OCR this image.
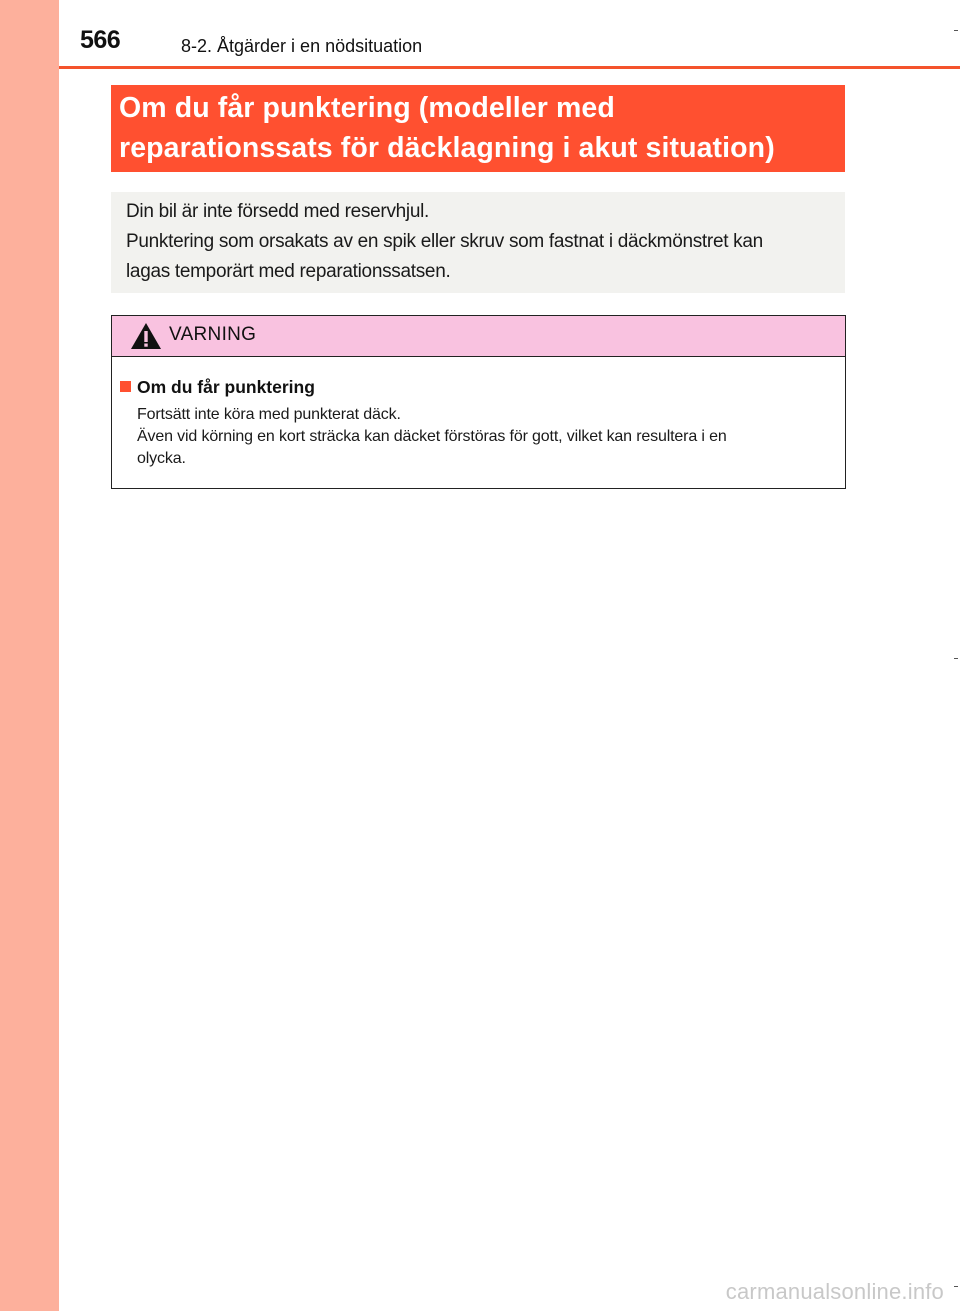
566	8-2. Åtgärder i en nödsituation
Om du får punktering (modeller med
reparationssats för däcklagning i akut situation)
Din bil är inte försedd med reservhjul.
Punktering som orsakats av en spik eller skruv som fastnat i däckmönstret kan
lagas temporärt med reparationssatsen.
VARNING
Om du får punktering
Fortsätt inte köra med punkterat däck.
Även vid körning en kort sträcka kan däcket förstöras för gott, vilket kan resultera i en
olycka.
carmanualsonline.info
